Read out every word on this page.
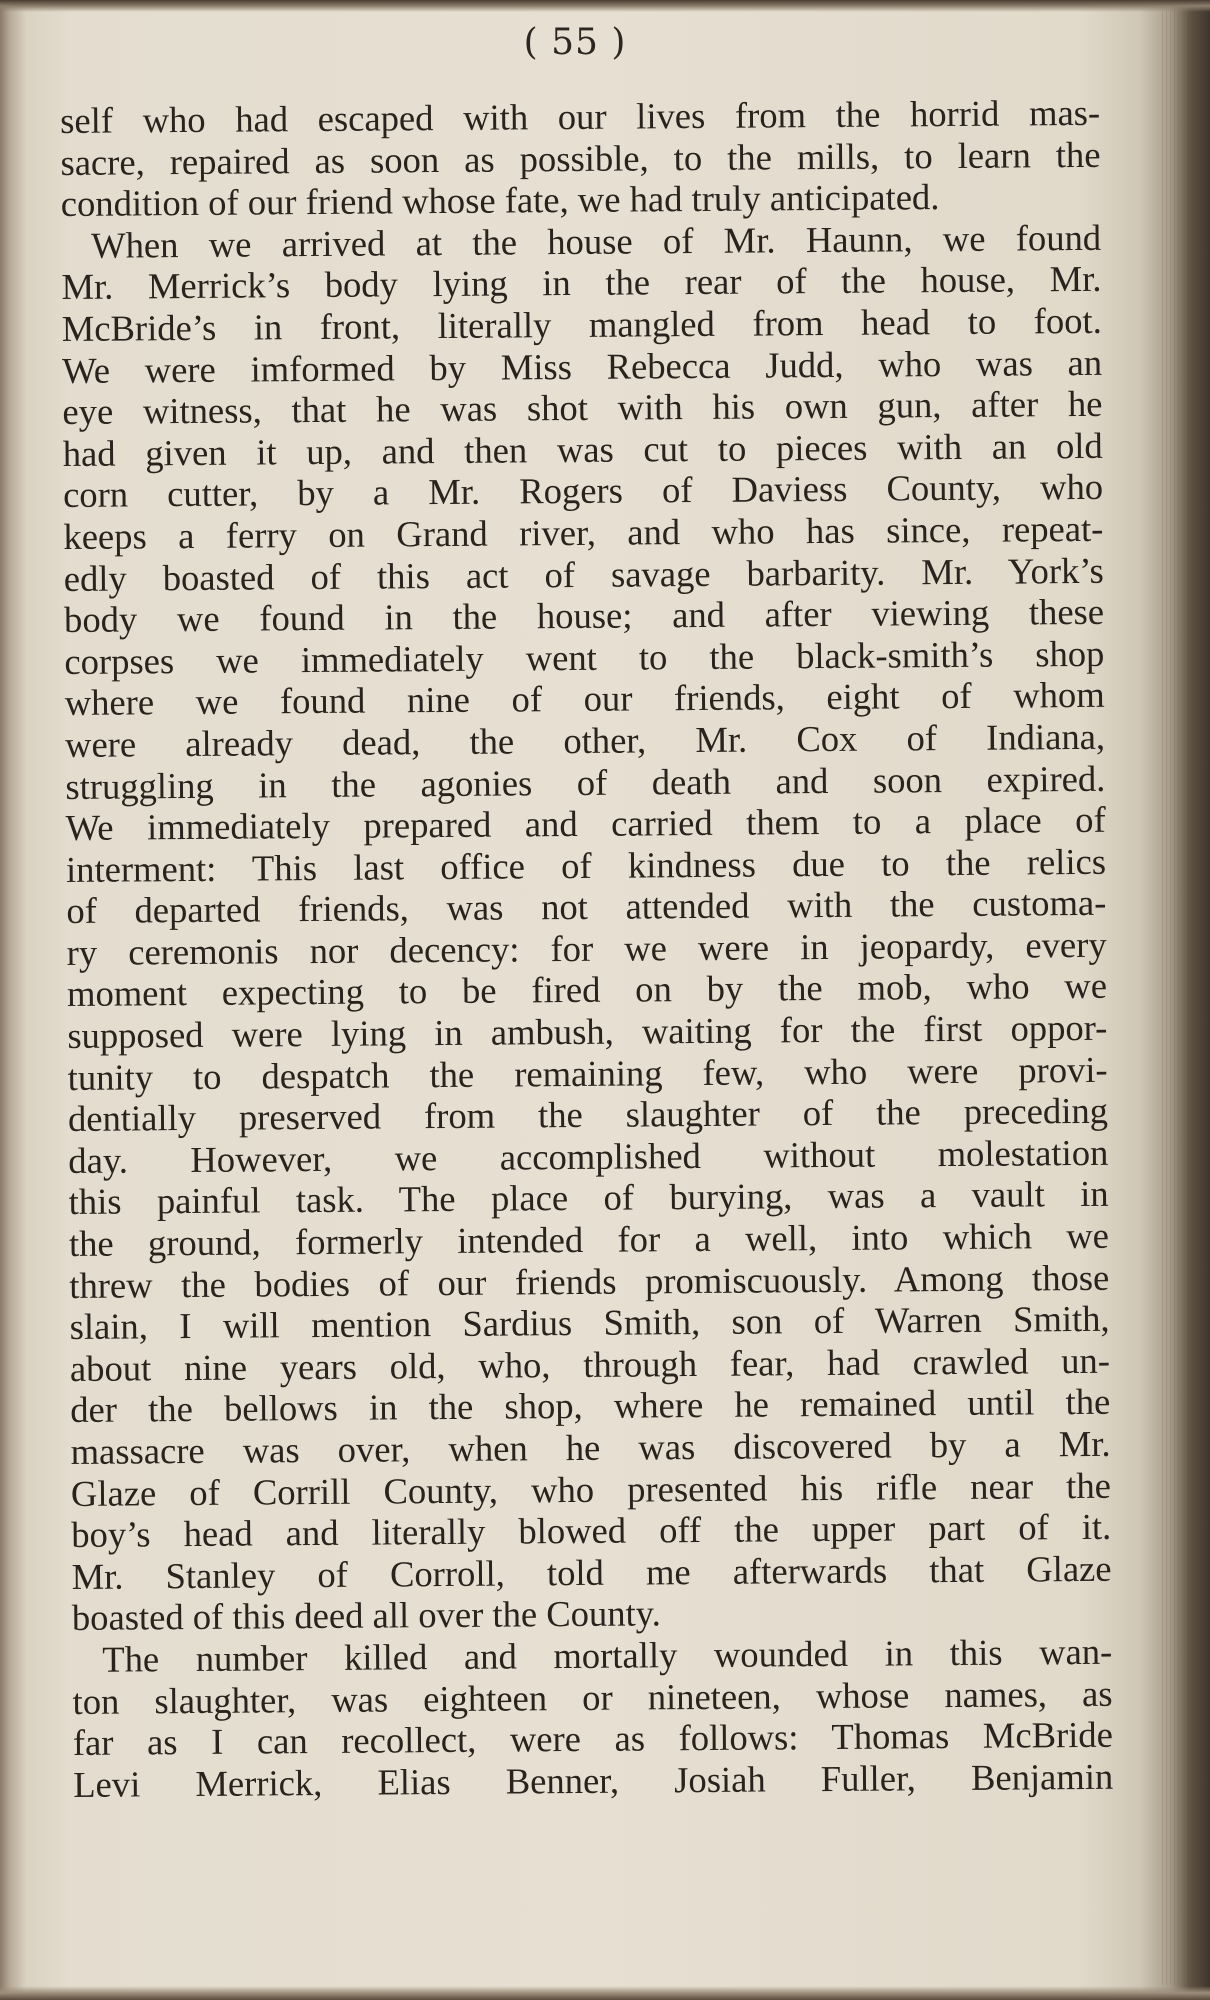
( 55 )
self who had escaped with our lives from the horrid mas-
sacre, repaired as soon as possible, to the mills, to learn the
condition of our friend whose fate, we had truly anticipated.
When we arrived at the house of Mr. Haunn, we found
Mr. Merrick’s body lying in the rear of the house, Mr.
McBride’s in front, literally mangled from head to foot.
We were imformed by Miss Rebecca Judd, who was an
eye witness, that he was shot with his own gun, after he
had given it up, and then was cut to pieces with an old
corn cutter, by a Mr. Rogers of Daviess County, who
keeps a ferry on Grand river, and who has since, repeat-
edly boasted of this act of savage barbarity. Mr. York’s
body we found in the house; and after viewing these
corpses we immediately went to the black-smith’s shop
where we found nine of our friends, eight of whom
were already dead, the other, Mr. Cox of Indiana,
struggling in the agonies of death and soon expired.
We immediately prepared and carried them to a place of
interment: This last office of kindness due to the relics
of departed friends, was not attended with the customa-
ry ceremonis nor decency: for we were in jeopardy, every
moment expecting to be fired on by the mob, who we
supposed were lying in ambush, waiting for the first oppor-
tunity to despatch the remaining few, who were provi-
dentially preserved from the slaughter of the preceding
day. However, we accomplished without molestation
this painful task. The place of burying, was a vault in
the ground, formerly intended for a well, into which we
threw the bodies of our friends promiscuously. Among those
slain, I will mention Sardius Smith, son of Warren Smith,
about nine years old, who, through fear, had crawled un-
der the bellows in the shop, where he remained until the
massacre was over, when he was discovered by a Mr.
Glaze of Corrill County, who presented his rifle near the
boy’s head and literally blowed off the upper part of it.
Mr. Stanley of Corroll, told me afterwards that Glaze
boasted of this deed all over the County.
The number killed and mortally wounded in this wan-
ton slaughter, was eighteen or nineteen, whose names, as
far as I can recollect, were as follows: Thomas McBride
Levi Merrick, Elias Benner, Josiah Fuller, Benjamin
